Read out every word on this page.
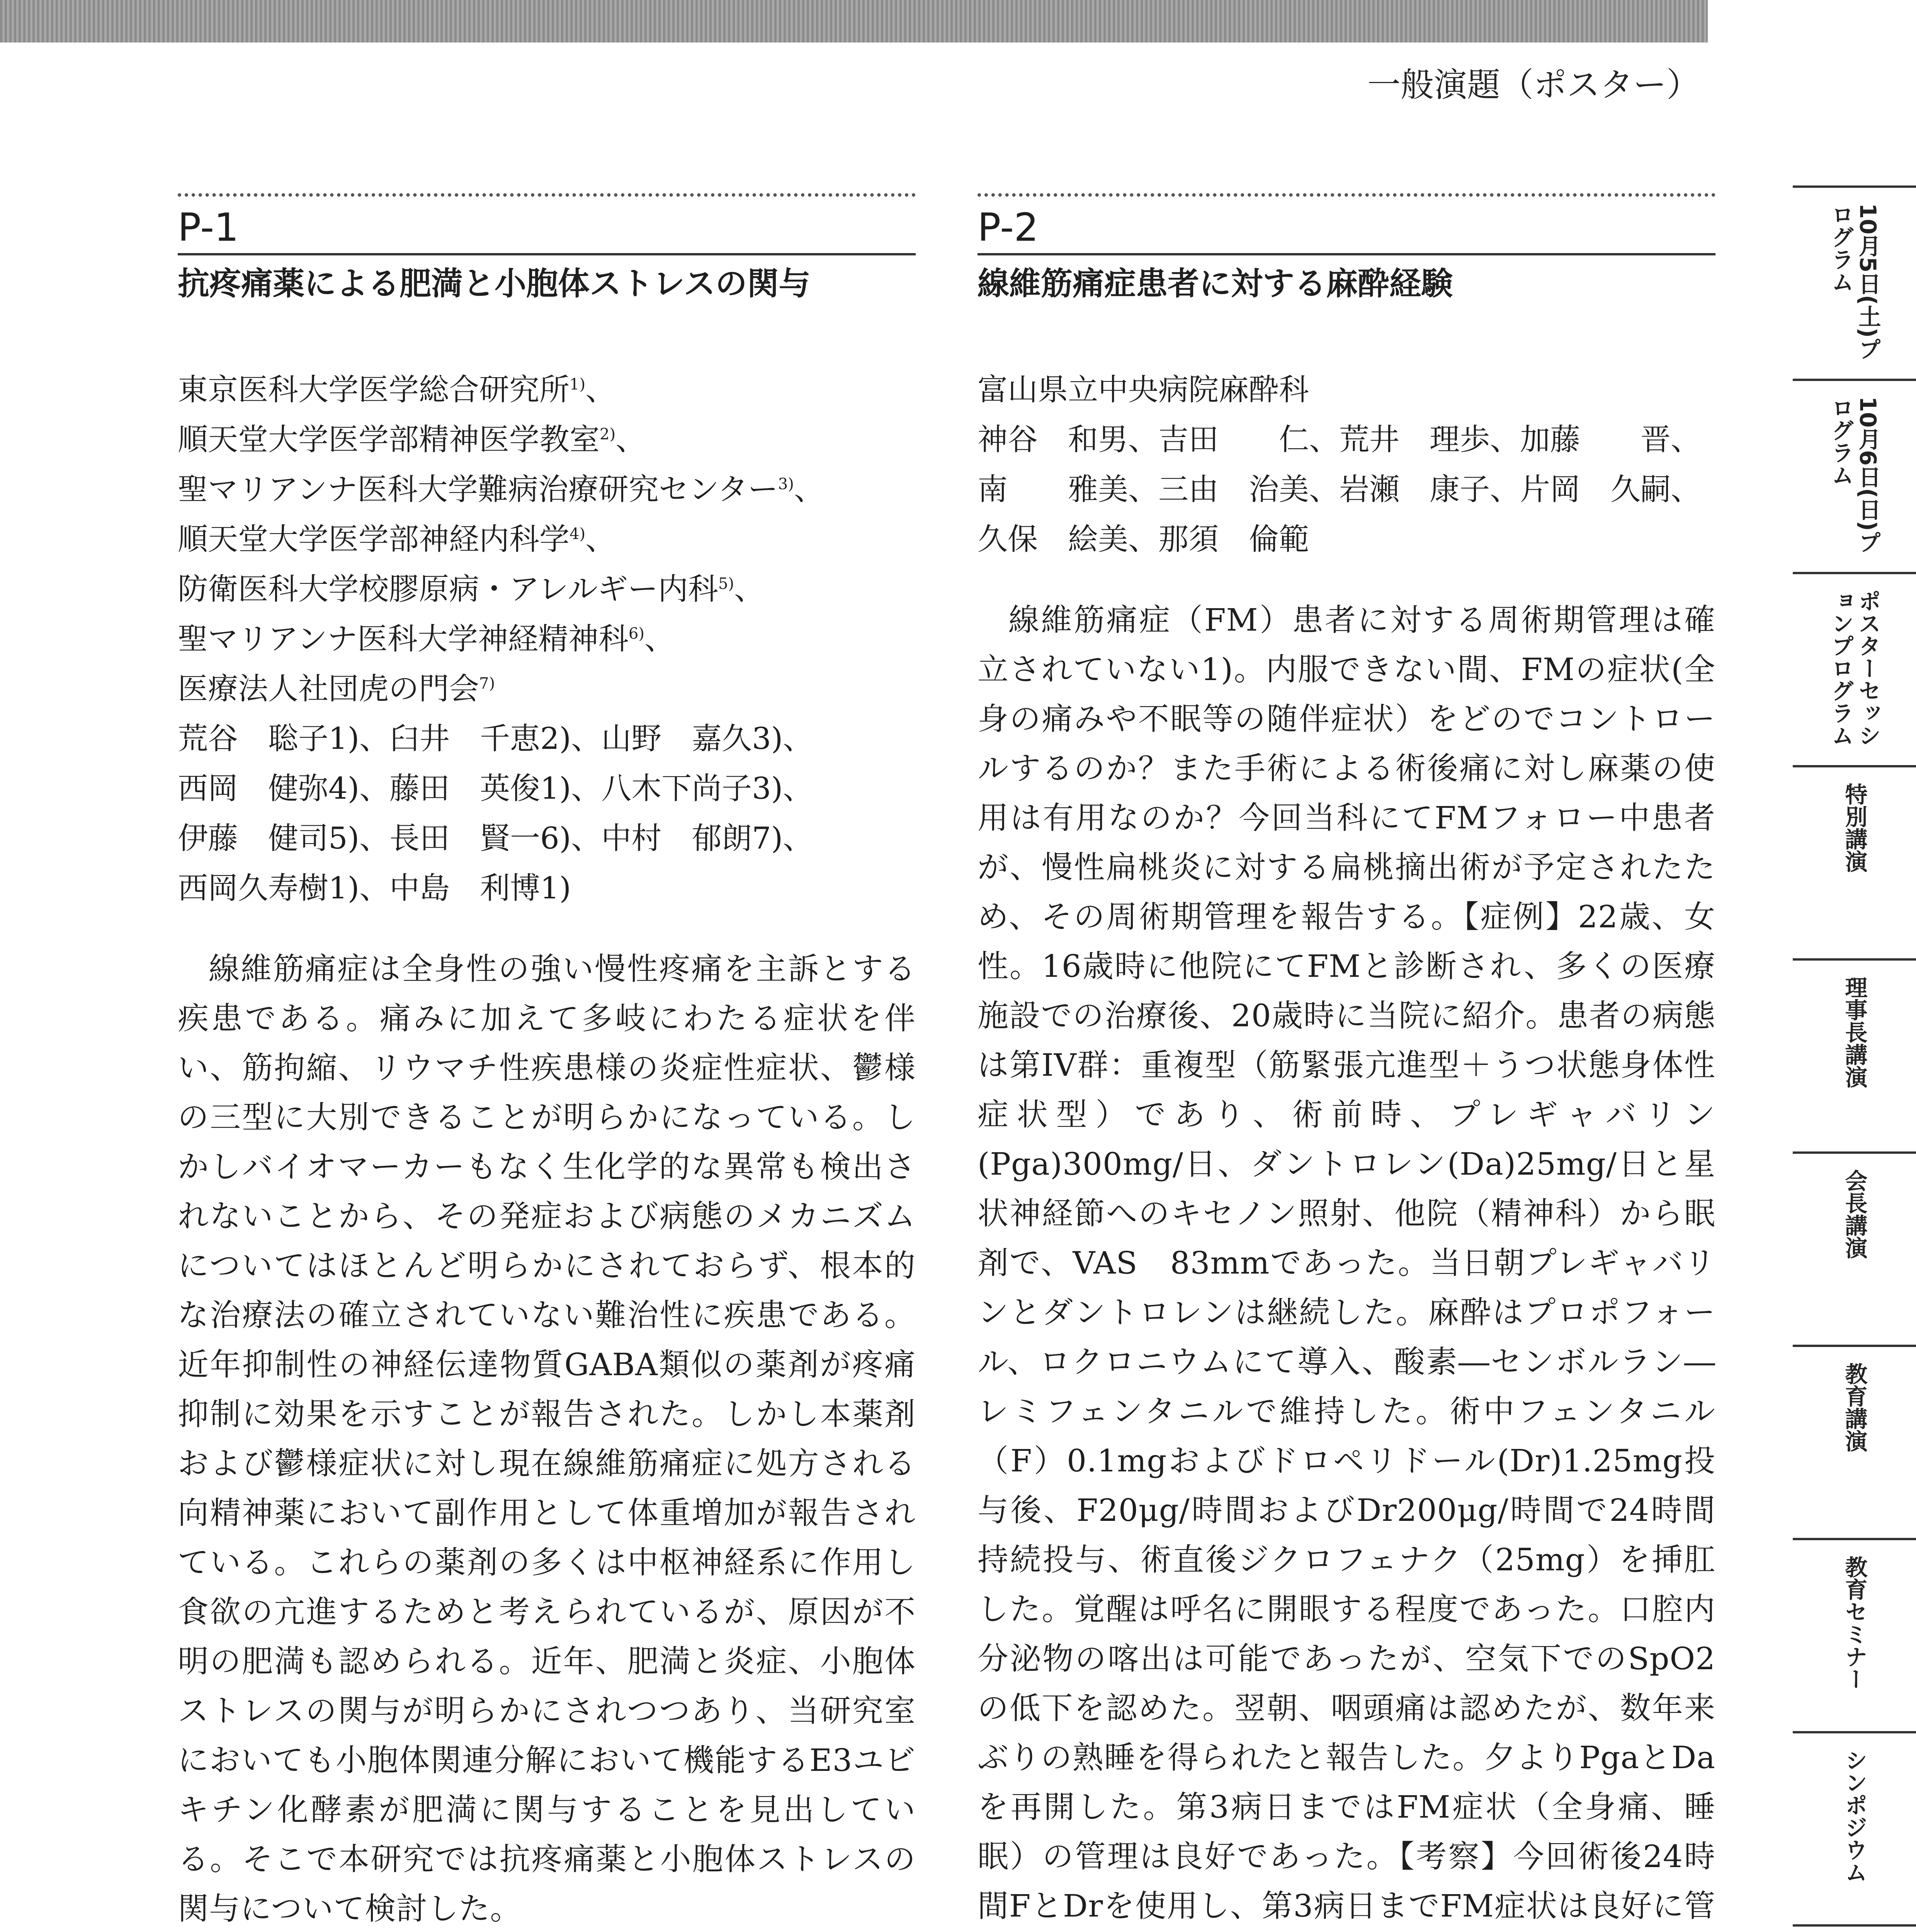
一般演題（ポスター）
P-1
抗疼痛薬による肥満と小胞体ストレスの関与
東京医科大学医学総合研究所$^{1)}$、
順天堂大学医学部精神医学教室$^{2)}$、
聖マリアンナ医科大学難病治療研究センター$^{3)}$、
順天堂大学医学部神経内科学$^{4)}$、
防衛医科大学校膠原病・アレルギー内科$^{5)}$、
聖マリアンナ医科大学神経精神科$^{6)}$、
医療法人社団虎の門会$^{7)}$
荒谷　聡子1)、臼井　千恵2)、山野　嘉久3)、
西岡　健弥4)、藤田　英俊1)、八木下尚子3)、
伊藤　健司5)、長田　賢一6)、中村　郁朗7)、
西岡久寿樹1)、中島　利博1)
線維筋痛症は全身性の強い慢性疼痛を主訴とする疾患である。痛みに加えて多岐にわたる症状を伴い、筋拘縮、リウマチ性疾患様の炎症性症状、鬱様の三型に大別できることが明らかになっている。しかしバイオマーカーもなく生化学的な異常も検出されないことから、その発症および病態のメカニズムについてはほとんど明らかにされておらず、根本的な治療法の確立されていない難治性に疾患である。近年抑制性の神経伝達物質GABA類似の薬剤が疼痛抑制に効果を示すことが報告された。しかし本薬剤および鬱様症状に対し現在線維筋痛症に処方される向精神薬において副作用として体重増加が報告されている。これらの薬剤の多くは中枢神経系に作用し食欲の亢進するためと考えられているが、原因が不明の肥満も認められる。近年、肥満と炎症、小胞体ストレスの関与が明らかにされつつあり、当研究室においても小胞体関連分解において機能するE3ユビキチン化酵素が肥満に関与することを見出している。そこで本研究では抗疼痛薬と小胞体ストレスの関与について検討した。
P-2
線維筋痛症患者に対する麻酔経験
富山県立中央病院麻酔科
神谷　和男、吉田　　仁、荒井　理歩、加藤　　晋、
南　　雅美、三由　治美、岩瀬　康子、片岡　久嗣、
久保　絵美、那須　倫範
線維筋痛症（FM）患者に対する周術期管理は確立されていない1)。内服できない間、FMの症状(全身の痛みや不眠等の随伴症状）をどのでコントロールするのか？また手術による術後痛に対し麻薬の使用は有用なのか？今回当科にてFMフォロー中患者が、慢性扁桃炎に対する扁桃摘出術が予定されたため、その周術期管理を報告する。【症例】22歳、女性。16歳時に他院にてFMと診断され、多くの医療施設での治療後、20歳時に当院に紹介。患者の病態は第IV群：重複型（筋緊張亢進型＋うつ状態身体性症状型）であり、術前時、プレギャバリン(Pga)300mg/日、ダントロレン(Da)25mg/日と星状神経節へのキセノン照射、他院（精神科）から眠剤で、VAS　83mmであった。当日朝プレギャバリンとダントロレンは継続した。麻酔はプロポフォール、ロクロニウムにて導入、酸素―センボルラン―レミフェンタニルで維持した。術中フェンタニル（F）0.1mgおよびドロペリドール(Dr)1.25mg投与後、F20μg/時間およびDr200μg/時間で24時間持続投与、術直後ジクロフェナク（25mg）を挿肛した。覚醒は呼名に開眼する程度であった。口腔内分泌物の喀出は可能であったが、空気下でのSpO2の低下を認めた。翌朝、咽頭痛は認めたが、数年来ぶりの熟睡を得られたと報告した。夕よりPgaとDaを再開した。第3病日まではFM症状（全身痛、睡眠）の管理は良好であった。【考察】今回術後24時間FとDrを使用し、第3病日までFM症状は良好に管
10月5日(土)プログラム
10月6日(日)プログラム
ポスターセッションプログラム
特別講演
理事長講演
会長講演
教育講演
教育セミナー
シンポジウム
